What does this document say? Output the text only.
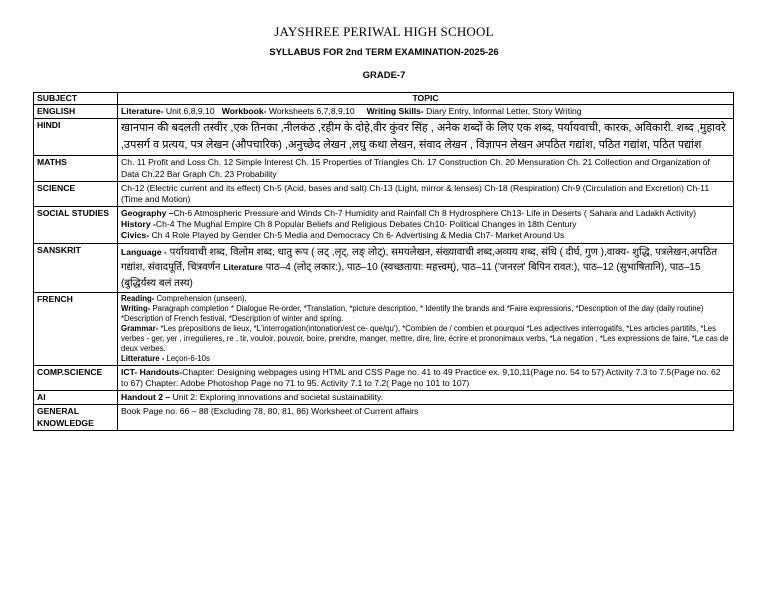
JAYSHREE PERIWAL HIGH SCHOOL
SYLLABUS FOR 2nd TERM EXAMINATION-2025-26
GRADE-7
SUBJECT	TOPIC
ENGLISH	Literature- Unit 6,8,9,10   Workbook- Worksheets 6,7,8,9,10     Writing Skills- Diary Entry, Informal Letter, Story Writing
HINDI	खानपान की बदलती तस्वीर ,एक तिनका ,नीलकंठ ,रहीम के दोहे,वीर कुंवर सिंह , अनेक शब्दों के लिए एक शब्द, पर्यायवाची, कारक, अविकारी. शब्द ,मुहावरे ,उपसर्ग व प्रत्यय, पत्र लेखन (औपचारिक) ,अनुच्छेद लेखन ,लघु कथा लेखन, संवाद लेखन , विज्ञापन लेखन अपठित गद्यांश, पठित गद्यांश, पठित पद्यांश
MATHS	Ch. 11 Profit and Loss Ch. 12 Simple Interest Ch. 15 Properties of Triangles Ch. 17 Construction Ch. 20 Mensuration Ch. 21 Collection and Organization of Data Ch.22 Bar Graph Ch. 23 Probability
SCIENCE	Ch-12 (Electric current and its effect) Ch-5 (Acid, bases and salt) Ch-13 (Light, mirror & lenses) Ch-18 (Respiration) Ch-9 (Circulation and Excretion) Ch-11 (Time and Motion)
SOCIAL STUDIES	Geography –Ch-6 Atmospheric Pressure and Winds Ch-7 Humidity and Rainfall Ch 8 Hydrosphere Ch13- Life in Deserts ( Sahara and Ladakh Activity)
History -Ch-4 The Mughal Empire Ch 8 Popular Beliefs and Religious Debates Ch10- Political Changes in 18th Century
Civics- Ch 4 Role Played by Gender Ch-5 Media and Democracy Ch 6- Advertising & Media Ch7- Market Around Us

SANSKRIT	Language - पर्यायवाची शब्द, विलोम शब्द, धातु रूप ( लट् ,लृट्, लङ् लोट्), समयलेखन, संख्यावाची शब्द,अव्यय शब्द, संधि ( दीर्घ, गुण ),वाक्य- शुद्धि, पत्रलेखन,अपठित गद्यांश, संवादपूर्ति, चित्रवर्णन Literature पाठ–4 (लोट् लकार:), पाठ–10 (स्वच्छताया: महत्त्वम्), पाठ–11 ('जनरल' बिपिन रावत:), पाठ–12 (सुभाषितानि), पाठ–15 (बुद्धिर्यस्य बलं तस्य)
FRENCH	Reading- Comprehension (unseen).
Writing- Paragraph completion * Dialogue Re-order, *Translation, *picture description, * Identify the brands and *Faire expressions, *Description of the day (daily routine) *Description of French festival, *Description of winter and spring.
Grammar- *Les prepositions de lieux, *L'interrogation(intonation/est ce- que/qu'), *Combien de / combien et pourquoi *Les adjectives interrogatifs, *Les articles partitifs, *Les verbes - ger, yer , irregulieres, re , tir, vouloir, pouvoir, boire, prendre, manger, mettre, dire, lire, écrire et prononimaux verbs, *La negation , *Les expressions de faire, *Le cas de deux verbes.
Litterature - Leçon-6-10s

COMP.SCIENCE	ICT- Handouts-Chapter: Designing webpages using HTML and CSS Page no. 41 to 49 Practice ex. 9,10,11(Page no. 54 to 57) Activity 7.3 to 7.5(Page no. 62 to 67) Chapter: Adobe Photoshop Page no 71 to 95. Activity 7.1 to 7.2( Page no 101 to 107)
AI	Handout 2 – Unit 2: Exploring innovations and societal sustainability.
GENERAL KNOWLEDGE	Book Page no. 66 – 88 (Excluding 78, 80, 81, 86) Worksheet of Current affairs
